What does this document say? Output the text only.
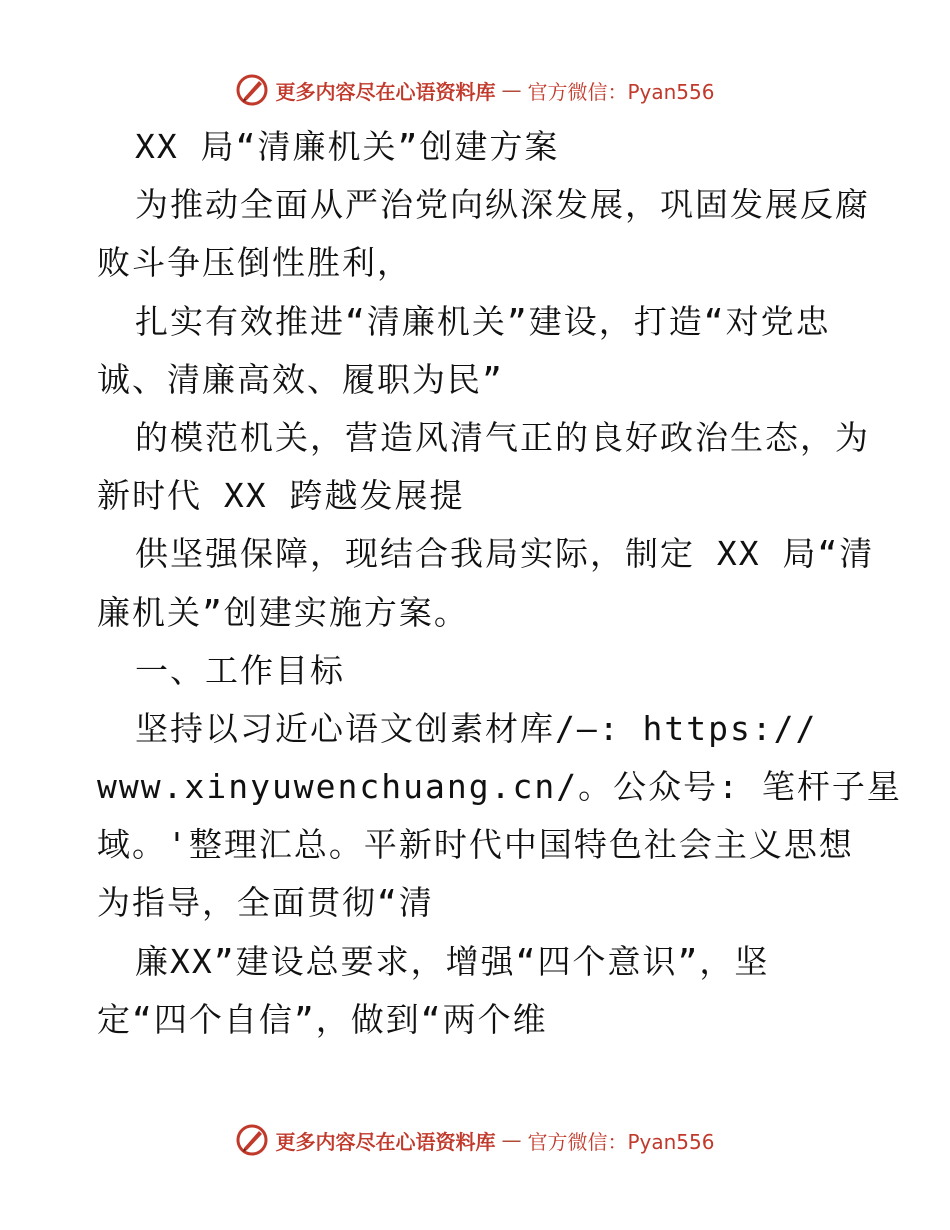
更多内容尽在心语资料库 — 官方微信：Pyan556
XX 局“清廉机关”创建方案
为推动全面从严治党向纵深发展，巩固发展反腐
败斗争压倒性胜利，
扎实有效推进“清廉机关”建设，打造“对党忠
诚、清廉高效、履职为民”
的模范机关，营造风清气正的良好政治生态，为
新时代 XX 跨越发展提
供坚强保障，现结合我局实际，制定 XX 局“清
廉机关”创建实施方案。
一、工作目标
坚持以习近心语文创素材库/—: https://
www.xinyuwenchuang.cn/。公众号: 笔杆子星
域。'整理汇总。平新时代中国特色社会主义思想
为指导，全面贯彻“清
廉XX”建设总要求，增强“四个意识”，坚
定“四个自信”，做到“两个维
更多内容尽在心语资料库 — 官方微信：Pyan556
